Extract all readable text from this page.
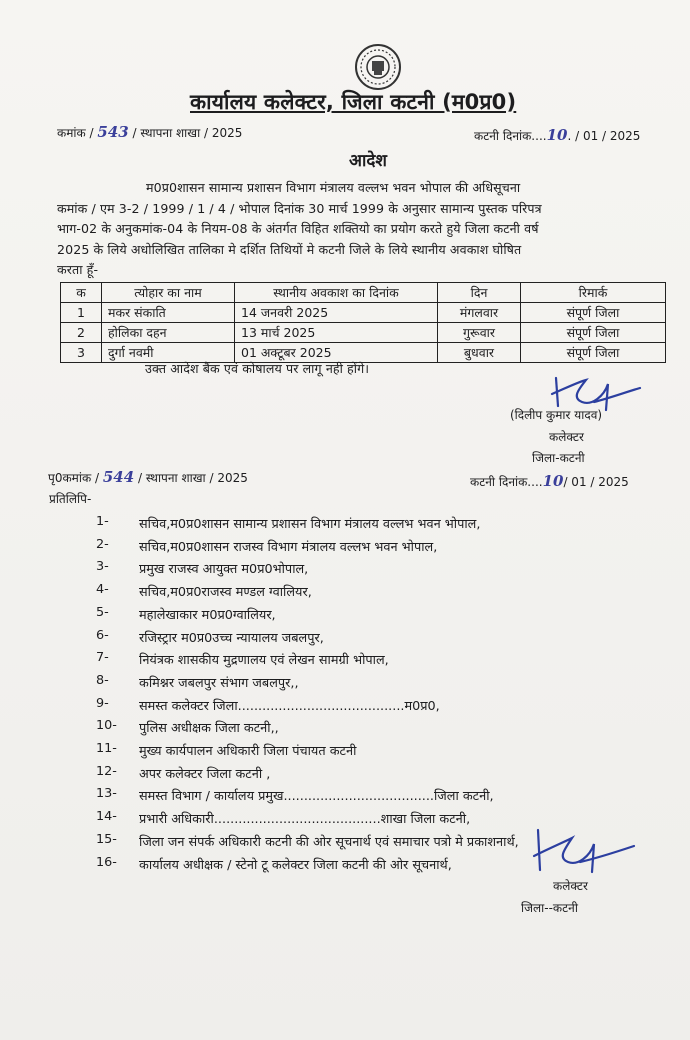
कार्यालय कलेक्टर, जिला कटनी (म0प्र0)
कमांक / 543 / स्थापना शाखा / 2025	कटनी दिनांक....10. / 01 / 2025
आदेश
म0प्र0शासन सामान्य प्रशासन विभाग मंत्रालय वल्लभ भवन भोपाल की अधिसूचना
कमांक / एम 3-2 / 1999 / 1 / 4 / भोपाल दिनांक 30 मार्च 1999 के अनुसार सामान्य पुस्तक परिपत्र
भाग-02 के अनुकमांक-04 के नियम-08 के अंतर्गत विहित शक्तियो का प्रयोग करते हुये जिला कटनी वर्ष
2025 के लिये अधोलिखित तालिका मे दर्शित तिथियों मे कटनी जिले के लिये स्थानीय अवकाश घोषित
करता हूँ-
क	त्योहार का नाम	स्थानीय अवकाश का दिनांक	दिन	रिमार्क
1	मकर संकाति	14 जनवरी 2025	मंगलवार	संपूर्ण जिला
2	होलिका दहन	13 मार्च 2025	गुरूवार	संपूर्ण जिला
3	दुर्गा नवमी	01 अक्टूबर 2025	बुधवार	संपूर्ण जिला
उक्त आदेश बैंक एवं कोषालय पर लागू नही होंगे।
(दिलीप कुमार यादव)
कलेक्टर
जिला-कटनी
पृ0कमांक / 544 / स्थापना शाखा / 2025	कटनी दिनांक....10/ 01 / 2025
प्रतिलिपि-
1- सचिव,म0प्र0शासन सामान्य प्रशासन विभाग मंत्रालय वल्लभ भवन भोपाल,
2- सचिव,म0प्र0शासन राजस्व विभाग मंत्रालय वल्लभ भवन भोपाल,
3- प्रमुख राजस्व आयुक्त म0प्र0भोपाल,
4- सचिव,म0प्र0राजस्व मण्डल ग्वालियर,
5- महालेखाकार म0प्र0ग्वालियर,
6- रजिस्ट्रार म0प्र0उच्च न्यायालय जबलपुर,
7- नियंत्रक शासकीय मुद्रणालय एवं लेखन सामग्री भोपाल,
8- कमिश्नर जबलपुर संभाग जबलपुर,,
9- समस्त कलेक्टर जिला.........................................म0प्र0,
10- पुलिस अधीक्षक जिला कटनी,,
11- मुख्य कार्यपालन अधिकारी जिला पंचायत कटनी
12- अपर कलेक्टर जिला कटनी ,
13- समस्त विभाग / कार्यालय प्रमुख.....................................जिला कटनी,
14- प्रभारी अधिकारी.........................................शाखा जिला कटनी,
15- जिला जन संपर्क अधिकारी कटनी की ओर सूचनार्थ एवं समाचार पत्रो मे प्रकाशनार्थ,
16- कार्यालय अधीक्षक / स्टेनो टू कलेक्टर जिला कटनी की ओर सूचनार्थ,
कलेक्टर
जिला--कटनी
